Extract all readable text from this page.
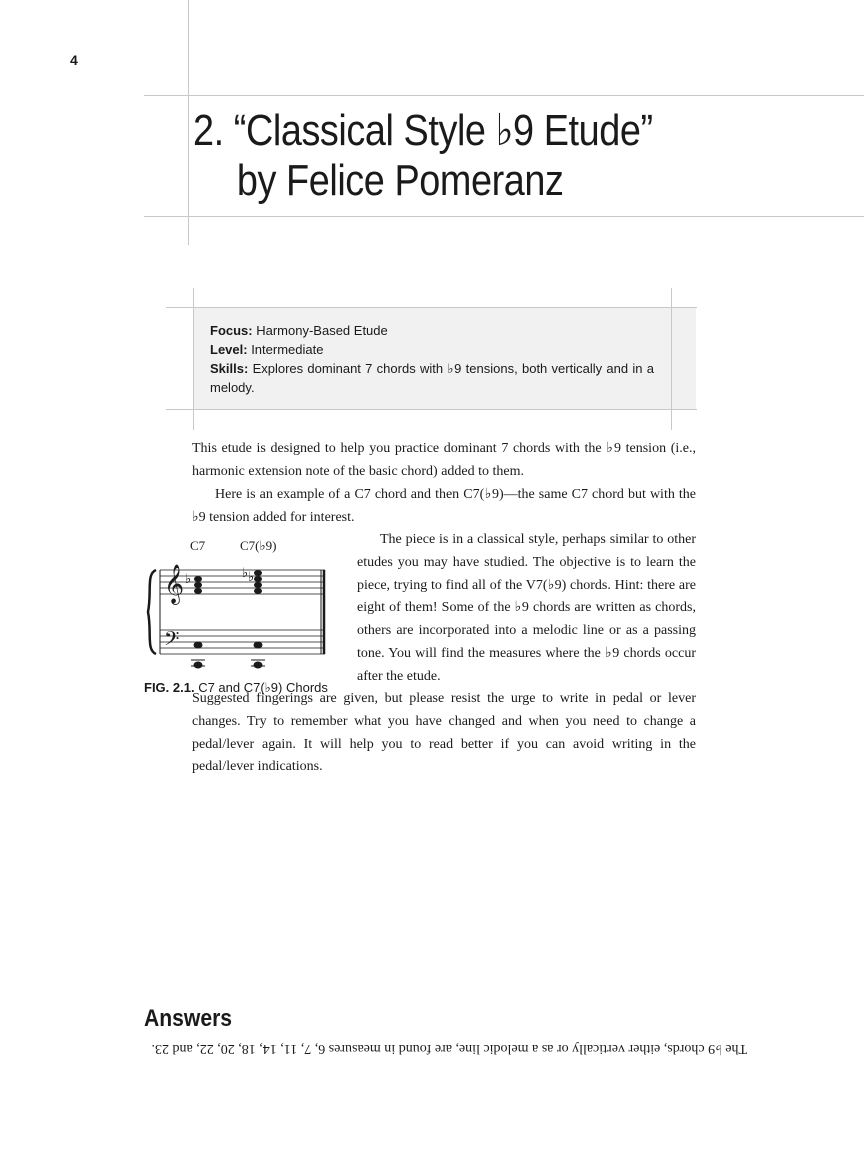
4
2. “Classical Style ♭9 Etude”
by Felice Pomeranz

Focus: Harmony-Based Etude

Level: Intermediate

Skills: Explores dominant 7 chords with ♭9 tensions, both vertically and in a melody.

This etude is designed to help you practice dominant 7 chords with the ♭9 tension (i.e., harmonic extension note of the basic chord) added to them.

Here is an example of a C7 chord and then C7(♭9)—the same C7 chord but with the ♭9 tension added for interest.

The piece is in a classical style, perhaps similar to other etudes you may have studied. The objective is to learn the piece, trying to find all of the V7(♭9) chords. Hint: there are eight of them! Some of the ♭9 chords are written as chords, others are incorporated into a melodic line or as a passing tone. You will find the measures where the ♭9 chords occur after the etude.

Suggested fingerings are given, but please resist the urge to write in pedal or lever changes. Try to remember what you have changed and when you need to change a pedal/lever again. It will help you to read better if you can avoid writing in the pedal/lever indications.

C7	C7(♭9)
𝄞
𝄢
♭	♭ ♭
FIG. 2.1. C7 and C7(♭9) Chords
Answers
The ♭9 chords, either vertically or as a melodic line, are found in measures 6, 7, 11, 14, 18, 20, 22, and 23.
